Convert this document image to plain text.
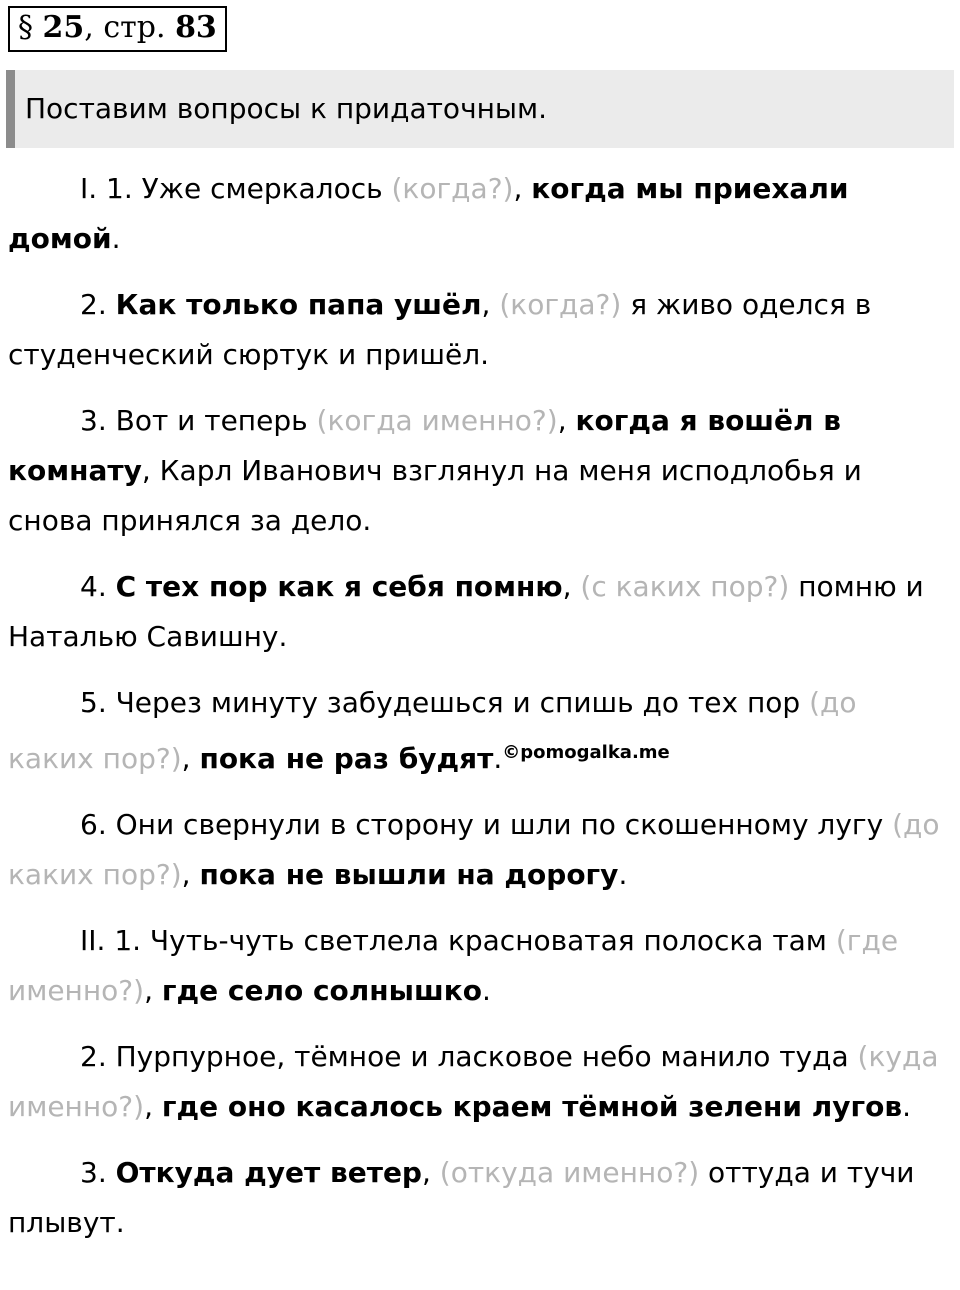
§ 25, стр. 83
Поставим вопросы к придаточным.

I. 1. Уже смеркалось (когда?), когда мы приехали домой.

2. Как только папа ушёл, (когда?) я живо оделся в студенческий сюртук и пришёл.

3. Вот и теперь (когда именно?), когда я вошёл в комнату, Карл Иванович взглянул на меня исподлобья и снова принялся за дело.

4. С тех пор как я себя помню, (с каких пор?) помню и Наталью Савишну.

5. Через минуту забудешься и спишь до тех пор (до каких пор?), пока не раз будят.$^{©pomogalka.me}$

6. Они свернули в сторону и шли по скошенному лугу (до каких пор?), пока не вышли на дорогу.

II. 1. Чуть-чуть светлела красноватая полоска там (где именно?), где село солнышко.

2. Пурпурное, тёмное и ласковое небо манило туда (куда именно?), где оно касалось краем тёмной зелени лугов.

3. Откуда дует ветер, (откуда именно?) оттуда и тучи плывут.
